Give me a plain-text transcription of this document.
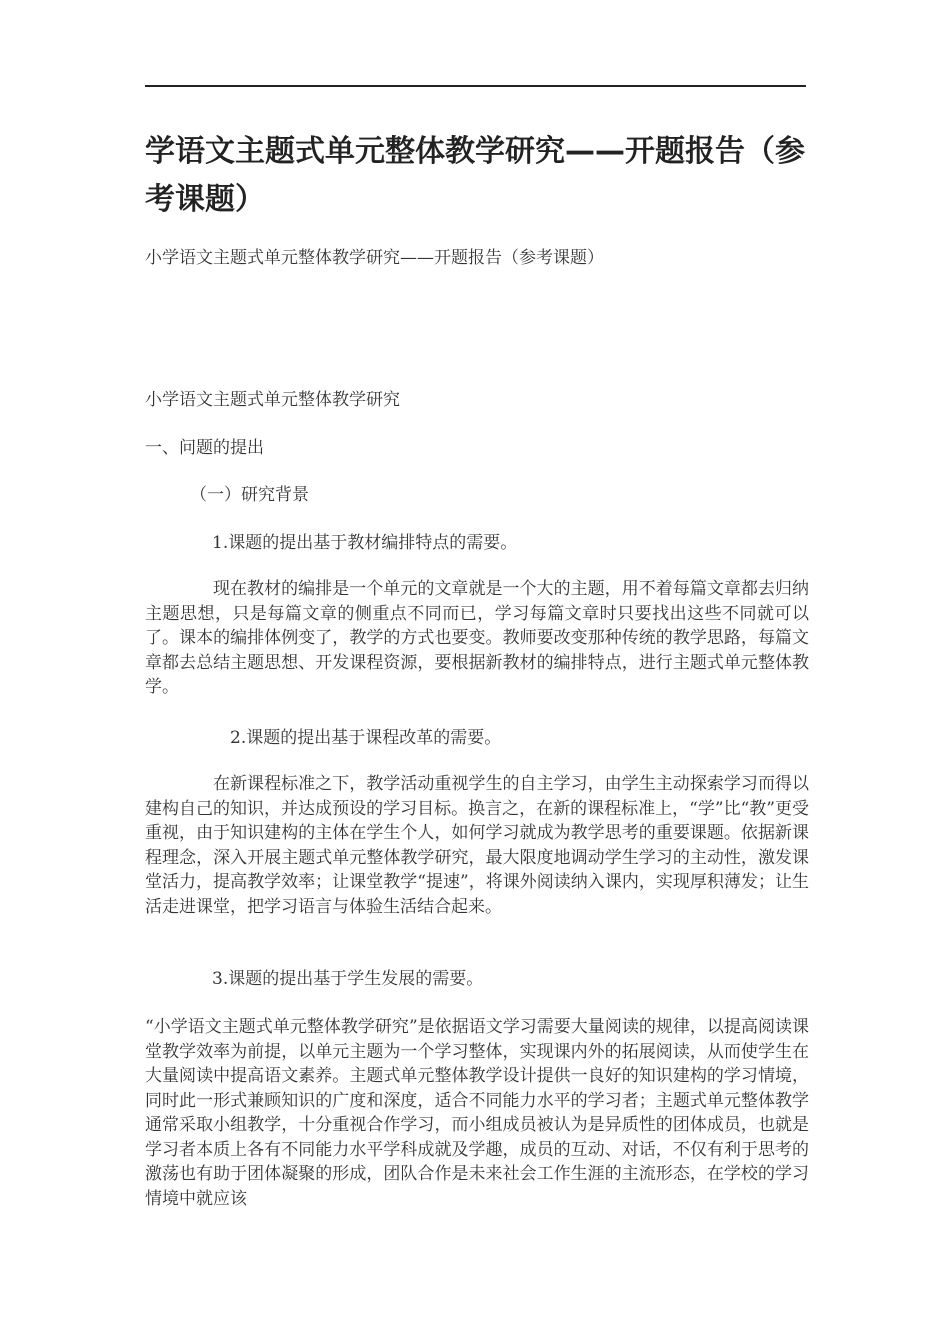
学语文主题式单元整体教学研究——开题报告（参考课题）

小学语文主题式单元整体教学研究——开题报告（参考课题）

小学语文主题式单元整体教学研究

一、问题的提出

（一）研究背景

1.课题的提出基于教材编排特点的需要。

现在教材的编排是一个单元的文章就是一个大的主题，用不着每篇文章都去归纳主题思想，只是每篇文章的侧重点不同而已，学习每篇文章时只要找出这些不同就可以了。课本的编排体例变了，教学的方式也要变。教师要改变那种传统的教学思路，每篇文章都去总结主题思想、开发课程资源，要根据新教材的编排特点，进行主题式单元整体教学。

2.课题的提出基于课程改革的需要。

在新课程标准之下，教学活动重视学生的自主学习，由学生主动探索学习而得以建构自己的知识，并达成预设的学习目标。换言之，在新的课程标准上，“学”比“教”更受重视，由于知识建构的主体在学生个人，如何学习就成为教学思考的重要课题。依据新课程理念，深入开展主题式单元整体教学研究，最大限度地调动学生学习的主动性，激发课堂活力，提高教学效率；让课堂教学“提速”，将课外阅读纳入课内，实现厚积薄发；让生活走进课堂，把学习语言与体验生活结合起来。

3.课题的提出基于学生发展的需要。

“小学语文主题式单元整体教学研究”是依据语文学习需要大量阅读的规律，以提高阅读课堂教学效率为前提，以单元主题为一个学习整体，实现课内外的拓展阅读，从而使学生在大量阅读中提高语文素养。主题式单元整体教学设计提供一良好的知识建构的学习情境，同时此一形式兼顾知识的广度和深度，适合不同能力水平的学习者；主题式单元整体教学通常采取小组教学，十分重视合作学习，而小组成员被认为是异质性的团体成员，也就是学习者本质上各有不同能力水平学科成就及学趣，成员的互动、对话，不仅有利于思考的激荡也有助于团体凝聚的形成，团队合作是未来社会工作生涯的主流形态，在学校的学习情境中就应该
